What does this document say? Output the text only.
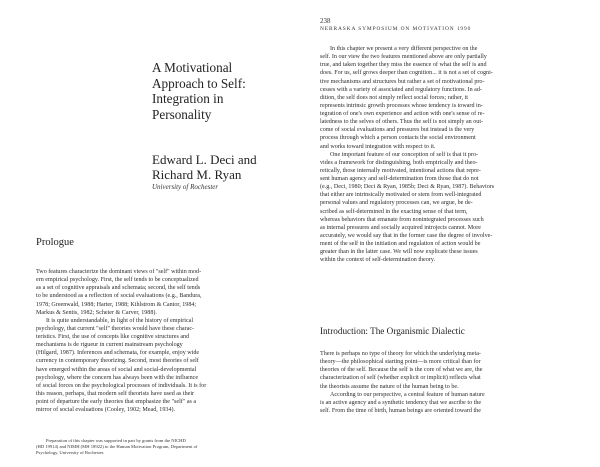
A Motivational
Approach to Self:
Integration in
Personality
Edward L. Deci and
Richard M. Ryan
University of Rochester
Prologue
Two features characterize the dominant views of "self" within mod-
ern empirical psychology. First, the self tends to be conceptualized
as a set of cognitive appraisals and schemata; second, the self tends
to be understood as a reflection of social evaluations (e.g., Bandura,
1978; Greenwald, 1988; Harter, 1988; Kihlstrom & Cantor, 1984;
Markus & Sentis, 1982; Scheier & Carver, 1988).
It is quite understandable, in light of the history of empirical
psychology, that current "self" theories would have these charac-
teristics. First, the use of concepts like cognitive structures and
mechanisms is de rigueur in current mainstream psychology
(Hilgard, 1987). Inferences and schemata, for example, enjoy wide
currency in contemporary theorizing. Second, most theories of self
have emerged within the areas of social and social-developmental
psychology, where the concern has always been with the influence
of social forces on the psychological processes of individuals. It is for
this reason, perhaps, that modern self theorists have used as their
point of departure the early theories that emphasize the "self" as a
mirror of social evaluations (Cooley, 1902; Mead, 1934).
Preparation of this chapter was supported in part by grants from the NICHD
(HD 19914) and NIMH (MH 18922) to the Human Motivation Program, Department of
Psychology, University of Rochester.
238
NEBRASKA SYMPOSIUM ON MOTIVATION 1990
In this chapter we present a very different perspective on the
self. In our view the two features mentioned above are only partially
true, and taken together they miss the essence of what the self is and
does. For us, self grows deeper than cognition... it is not a set of cogni-
tive mechanisms and structures but rather a set of motivational pro-
cesses with a variety of associated and regulatory functions. In ad-
dition, the self does not simply reflect social forces; rather, it
represents intrinsic growth processes whose tendency is toward in-
tegration of one's own experience and action with one's sense of re-
latedness to the selves of others. Thus the self is not simply an out-
come of social evaluations and pressures but instead is the very
process through which a person contacts the social environment
and works toward integration with respect to it.
One important feature of our conception of self is that it pro-
vides a framework for distinguishing, both empirically and theo-
retically, those internally motivated, intentional actions that repre-
sent human agency and self-determination from those that do not
(e.g., Deci, 1980; Deci & Ryan, 1985b; Deci & Ryan, 1987). Behaviors
that either are intrinsically motivated or stem from well-integrated
personal values and regulatory processes can, we argue, be de-
scribed as self-determined in the exacting sense of that term,
whereas behaviors that emanate from nonintegrated processes such
as internal pressures and socially acquired introjects cannot. More
accurately, we would say that in the former case the degree of involve-
ment of the self in the initiation and regulation of action would be
greater than in the latter case. We will now explicate these issues
within the context of self-determination theory.
Introduction: The Organismic Dialectic
There is perhaps no type of theory for which the underlying meta-
theory—the philosophical starting point—is more critical than for
theories of the self. Because the self is the core of what we are, the
characterization of self (whether explicit or implicit) reflects what
the theorists assume the nature of the human being to be.
According to our perspective, a central feature of human nature
is an active agency and a synthetic tendency that we ascribe to the
self. From the time of birth, human beings are oriented toward the
